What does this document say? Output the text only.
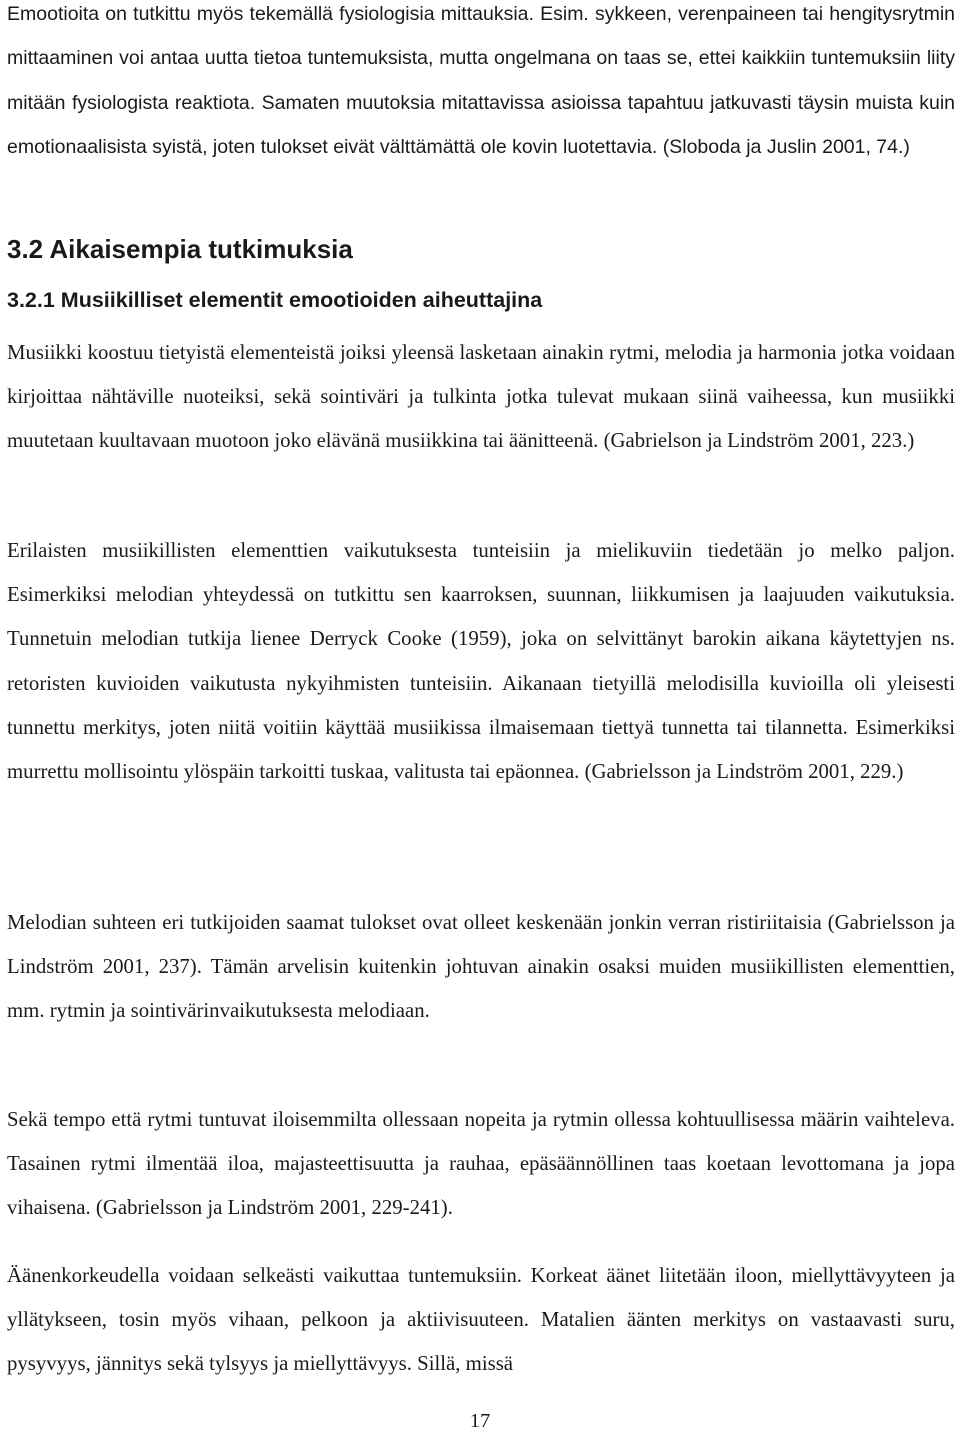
Emootioita on tutkittu myös tekemällä fysiologisia mittauksia. Esim. sykkeen, verenpaineen tai hengitysrytmin mittaaminen voi antaa uutta tietoa tuntemuksista, mutta ongelmana on taas se, ettei kaikkiin tuntemuksiin liity mitään fysiologista reaktiota. Samaten muutoksia mitattavissa asioissa tapahtuu jatkuvasti täysin muista kuin emotionaalisista syistä, joten tulokset eivät välttämättä ole kovin luotettavia. (Sloboda ja Juslin 2001, 74.)

3.2 Aikaisempia tutkimuksia
3.2.1 Musiikilliset elementit emootioiden aiheuttajina

Musiikki koostuu tietyistä elementeistä joiksi yleensä lasketaan ainakin rytmi, melodia ja harmonia jotka voidaan kirjoittaa nähtäville nuoteiksi, sekä sointiväri ja tulkinta jotka tulevat mukaan siinä vaiheessa, kun musiikki muutetaan kuultavaan muotoon joko elävänä musiikkina tai äänitteenä. (Gabrielson ja Lindström 2001, 223.)

Erilaisten musiikillisten elementtien vaikutuksesta tunteisiin ja mielikuviin tiedetään jo melko paljon. Esimerkiksi melodian yhteydessä on tutkittu sen kaarroksen, suunnan, liikkumisen ja laajuuden vaikutuksia. Tunnetuin melodian tutkija lienee Derryck Cooke (1959), joka on selvittänyt barokin aikana käytettyjen ns. retoristen kuvioiden vaikutusta nykyihmisten tunteisiin. Aikanaan tietyillä melodisilla kuvioilla oli yleisesti tunnettu merkitys, joten niitä voitiin käyttää musiikissa ilmaisemaan tiettyä tunnetta tai tilannetta. Esimerkiksi murrettu mollisointu ylöspäin tarkoitti tuskaa, valitusta tai epäonnea. (Gabrielsson ja Lindström 2001, 229.)

Melodian suhteen eri tutkijoiden saamat tulokset ovat olleet keskenään jonkin verran ristiriitaisia (Gabrielsson ja Lindström 2001, 237). Tämän arvelisin kuitenkin johtuvan ainakin osaksi muiden musiikillisten elementtien, mm. rytmin ja sointivärinvaikutuksesta melodiaan.

Sekä tempo että rytmi tuntuvat iloisemmilta ollessaan nopeita ja rytmin ollessa kohtuullisessa määrin vaihteleva. Tasainen rytmi ilmentää iloa, majasteettisuutta ja rauhaa, epäsäännöllinen taas koetaan levottomana ja jopa vihaisena. (Gabrielsson ja Lindström 2001, 229-241).

Äänenkorkeudella voidaan selkeästi vaikuttaa tuntemuksiin. Korkeat äänet liitetään iloon, miellyttävyyteen ja yllätykseen, tosin myös vihaan, pelkoon ja aktiivisuuteen. Matalien äänten merkitys on vastaavasti suru, pysyvyys, jännitys sekä tylsyys ja miellyttävyys. Sillä, missä

17
